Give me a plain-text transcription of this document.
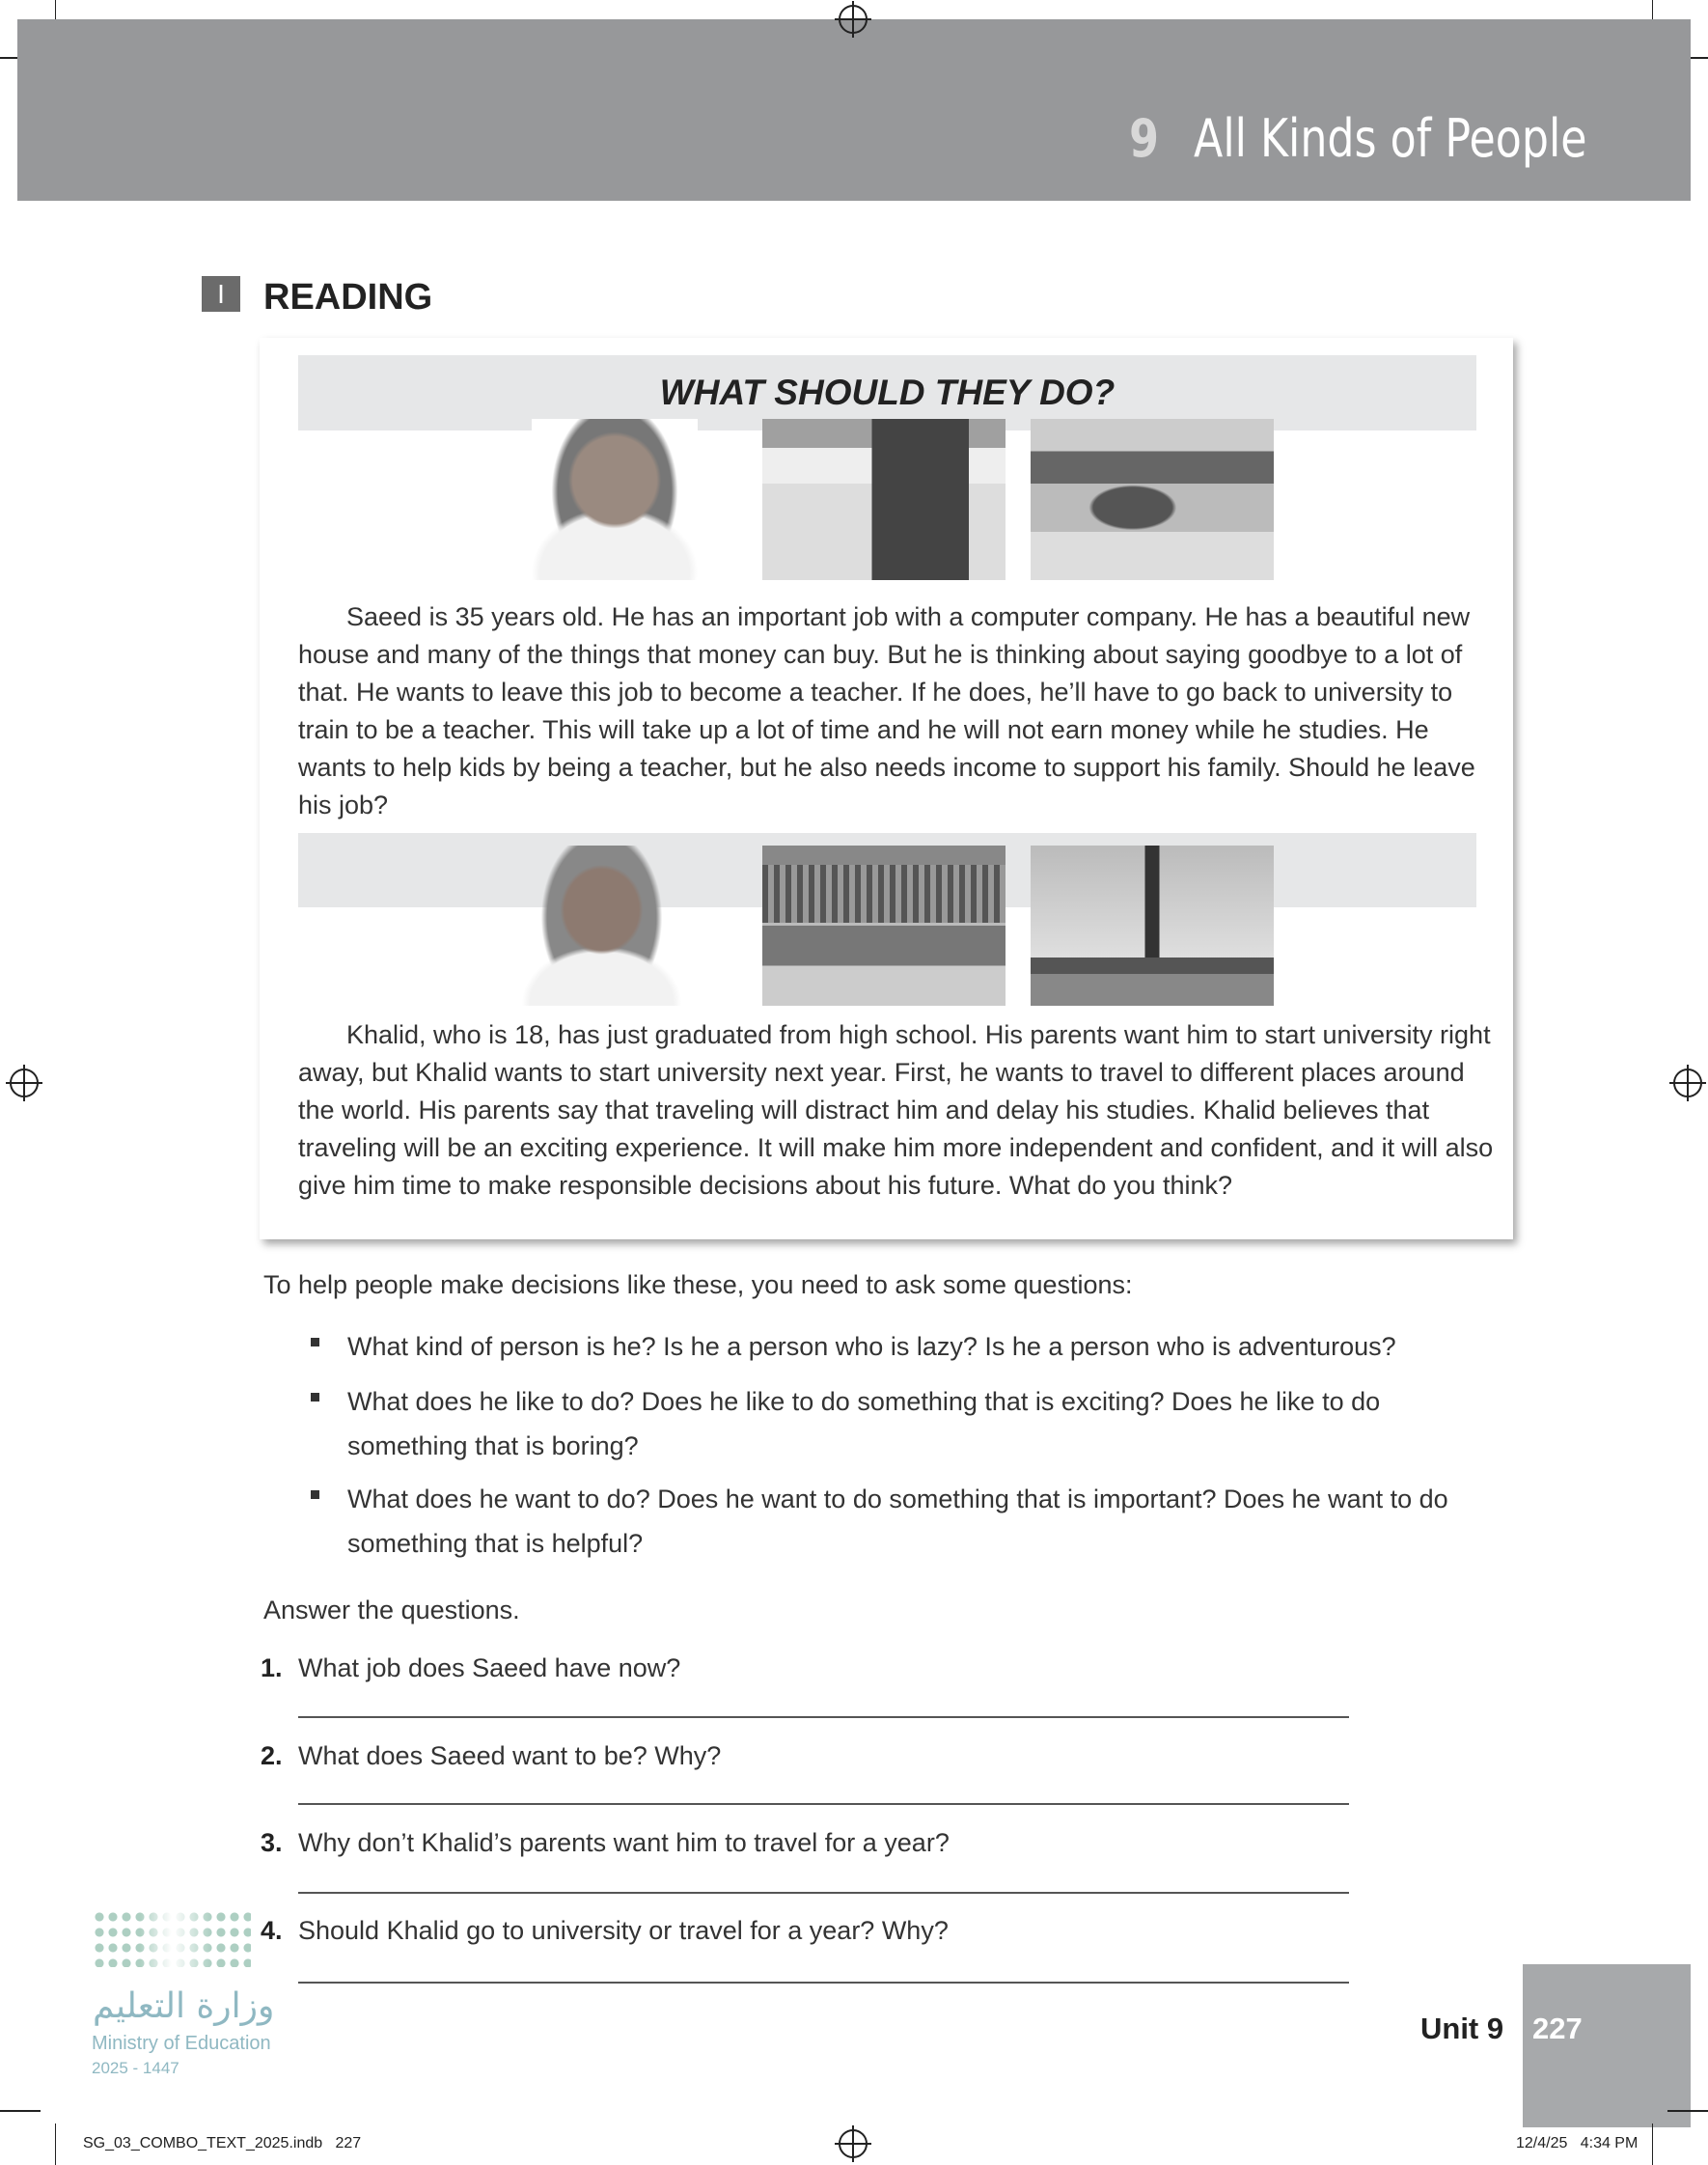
9 All Kinds of People
I	READING
WHAT SHOULD THEY DO?
Saeed is 35 years old. He has an important job with a computer company. He has a beautiful new house and many of the things that money can buy. But he is thinking about saying goodbye to a lot of that. He wants to leave this job to become a teacher. If he does, he’ll have to go back to university to train to be a teacher. This will take up a lot of time and he will not earn money while he studies. He wants to help kids by being a teacher, but he also needs income to support his family. Should he leave his job?
Khalid, who is 18, has just graduated from high school. His parents want him to start university right away, but Khalid wants to start university next year. First, he wants to travel to different places around the world. His parents say that traveling will distract him and delay his studies. Khalid believes that traveling will be an exciting experience. It will make him more independent and confident, and it will also give him time to make responsible decisions about his future. What do you think?
To help people make decisions like these, you need to ask some questions:
What kind of person is he? Is he a person who is lazy? Is he a person who is adventurous?
What does he like to do? Does he like to do something that is exciting? Does he like to do something that is boring?
What does he want to do? Does he want to do something that is important? Does he want to do something that is helpful?
Answer the questions.
1. What job does Saeed have now?
2. What does Saeed want to be? Why?
3. Why don’t Khalid’s parents want him to travel for a year?
4. Should Khalid go to university or travel for a year? Why?
وزارة التعليم
Ministry of Education
2025 - 1447
Unit 9 227
SG_03_COMBO_TEXT_2025.indb   227	12/4/25   4:34 PM
